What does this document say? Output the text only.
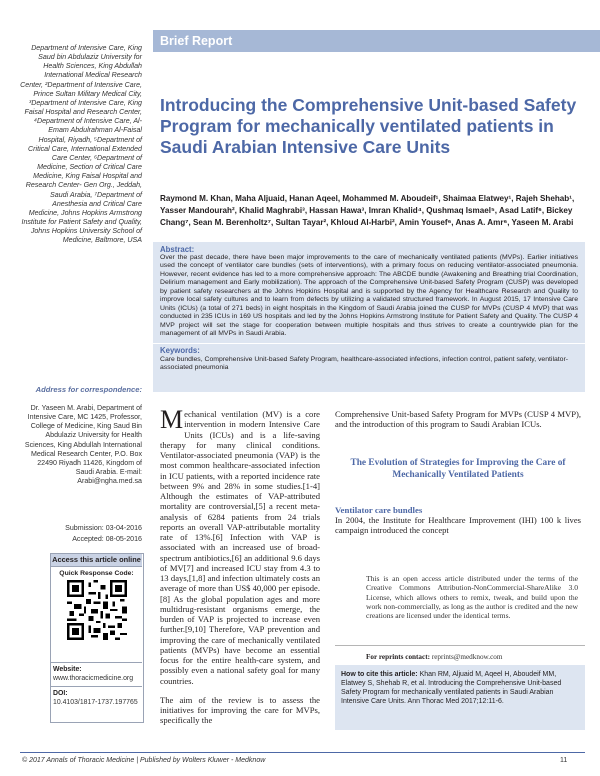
Brief Report
Department of Intensive Care, King Saud bin Abdulaziz University for Health Sciences, King Abdullah International Medical Research Center, ²Department of Intensive Care, Prince Sultan Military Medical City, ³Department of Intensive Care, King Faisal Hospital and Research Center, ⁴Department of Intensive Care, Al-Emam Abdulrahman Al-Faisal Hospital, Riyadh, ⁵Department of Critical Care, International Extended Care Center, ⁶Department of Medicine, Section of Critical Care Medicine, King Faisal Hospital and Research Center- Gen Org., Jeddah, Saudi Arabia, ⁷Department of Anesthesia and Critical Care Medicine, Johns Hopkins Armstrong Institute for Patient Safety and Quality, Johns Hopkins University School of Medicine, Baltmore, USA
Address for correspondence:
Dr. Yaseen M. Arabi, Department of Intensive Care, MC 1425, Professor, College of Medicine, King Saud Bin Abdulaziz University for Health Sciences, King Abdullah International Medical Research Center, P.O. Box 22490 Riyadh 11426, Kingdom of Saudi Arabia. E-mail: Arabi@ngha.med.sa
Submission: 03-04-2016
Accepted: 08-05-2016
Access this article online
Quick Response Code:
Website:
www.thoracicmedicine.org
DOI:
10.4103/1817-1737.197765
Introducing the Comprehensive Unit-based Safety Program for mechanically ventilated patients in Saudi Arabian Intensive Care Units
Raymond M. Khan, Maha Aljuaid, Hanan Aqeel, Mohammed M. Aboudeif¹, Shaimaa Elatwey¹, Rajeh Shehab¹, Yasser Mandourah², Khalid Maghrabi³, Hassan Hawa³, Imran Khalid⁴, Qushmaq Ismael⁵, Asad Latif⁶, Bickey Chang⁷, Sean M. Berenholtz⁷, Sultan Tayar², Khloud Al-Harbi², Amin Yousef⁶, Anas A. Amr⁶, Yaseen M. Arabi
Abstract:
Over the past decade, there have been major improvements to the care of mechanically ventilated patients (MVPs). Earlier initiatives used the concept of ventilator care bundles (sets of interventions), with a primary focus on reducing ventilator-associated pneumonia. However, recent evidence has led to a more comprehensive approach: The ABCDE bundle (Awakening and Breathing trial Coordination, Delirium management and Early mobilization). The approach of the Comprehensive Unit-based Safety Program (CUSP) was developed by patient safety researchers at the Johns Hopkins Hospital and is supported by the Agency for Healthcare Research and Quality to improve local safety cultures and to learn from defects by utilizing a validated structured framework. In August 2015, 17 Intensive Care Units (ICUs) (a total of 271 beds) in eight hospitals in the Kingdom of Saudi Arabia joined the CUSP for MVPs (CUSP 4 MVP) that was conducted in 235 ICUs in 169 US hospitals and led by the Johns Hopkins Armstrong Institute for Patient Safety and Quality. The CUSP 4 MVP project will set the stage for cooperation between multiple hospitals and thus strives to create a countrywide plan for the management of all MVPs in Saudi Arabia.
Keywords:
Care bundles, Comprehensive Unit-based Safety Program, healthcare-associated infections, infection control, patient safety, ventilator-associated pneumonia

Mechanical ventilation (MV) is a core intervention in modern Intensive Care Units (ICUs) and is a life-saving therapy for many clinical conditions. Ventilator-associated pneumonia (VAP) is the most common healthcare-associated infection in ICU patients, with a reported incidence rate between 9% and 28% in some studies.[1-4] Although the estimates of VAP-attributed mortality are controversial,[5] a recent meta-analysis of 6284 patients from 24 trials reports an overall VAP-attributable mortality rate of 13%.[6] Infection with VAP is associated with an increased use of broad-spectrum antibiotics,[6] an additional 9.6 days of MV[7] and increased ICU stay from 4.3 to 13 days,[1,8] and infection ultimately costs an average of more than US$ 40,000 per episode.[8] As the global population ages and more multidrug-resistant organisms emerge, the burden of VAP is projected to increase even further.[9,10] Therefore, VAP prevention and improving the care of mechanically ventilated patients (MVPs) have become an essential focus for the entire health-care system, and possibly even a national safety goal for many countries.

The aim of the review is to assess the initiatives for improving the care for MVPs, specifically the

Comprehensive Unit-based Safety Program for MVPs (CUSP 4 MVP), and the introduction of this program to Saudi Arabian ICUs.
The Evolution of Strategies for Improving the Care of Mechanically Ventilated Patients
Ventilator care bundles
In 2004, the Institute for Healthcare Improvement (IHI) 100 k lives campaign introduced the concept
This is an open access article distributed under the terms of the Creative Commons Attribution-NonCommercial-ShareAlike 3.0 License, which allows others to remix, tweak, and build upon the work non-commercially, as long as the author is credited and the new creations are licensed under the identical terms.
For reprints contact: reprints@medknow.com
How to cite this article: Khan RM, Aljuaid M, Aqeel H, Aboudeif MM, Elatwey S, Shehab R, et al. Introducing the Comprehensive Unit-based Safety Program for mechanically ventilated patients in Saudi Arabian Intensive Care Units. Ann Thorac Med 2017;12:11-6.
© 2017 Annals of Thoracic Medicine | Published by Wolters Kluwer - Medknow	11
